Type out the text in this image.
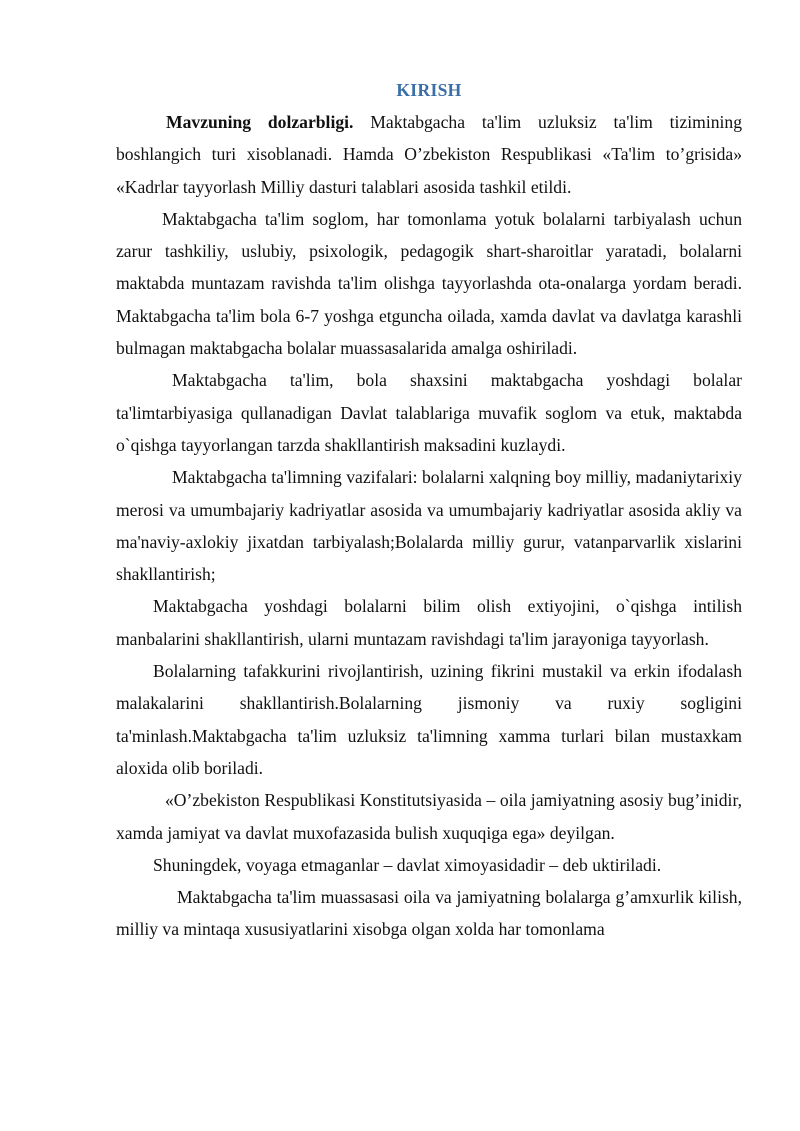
KIRISH

Mavzuning dolzarbligi. Maktabgacha ta'lim uzluksiz ta'lim tizimining boshlangich turi xisoblanadi. Hamda O’zbekiston Respublikasi «Ta'lim to’grisida» «Kadrlar tayyorlash Milliy dasturi talablari asosida tashkil etildi.

Maktabgacha ta'lim soglom, har tomonlama yotuk bolalarni tarbiyalash uchun zarur tashkiliy, uslubiy, psixologik, pedagogik shart-sharoitlar yaratadi, bolalarni maktabda muntazam ravishda ta'lim olishga tayyorlashda ota-onalarga yordam beradi. Maktabgacha ta'lim bola 6-7 yoshga etguncha oilada, xamda davlat va davlatga karashli bulmagan maktabgacha bolalar muassasalarida amalga oshiriladi.

Maktabgacha ta'lim, bola shaxsini maktabgacha yoshdagi bolalar ta'limtarbiyasiga qullanadigan Davlat talablariga muvafik soglom va etuk, maktabda o`qishga tayyorlangan tarzda shakllantirish maksadini kuzlaydi.

Maktabgacha ta'limning vazifalari: bolalarni xalqning boy milliy, madaniytarixiy merosi va umumbajariy kadriyatlar asosida va umumbajariy kadriyatlar asosida akliy va ma'naviy-axlokiy jixatdan tarbiyalash;Bolalarda milliy gurur, vatanparvarlik xislarini shakllantirish;

Maktabgacha yoshdagi bolalarni bilim olish extiyojini, o`qishga intilish manbalarini shakllantirish, ularni muntazam ravishdagi ta'lim jarayoniga tayyorlash.

Bolalarning tafakkurini rivojlantirish, uzining fikrini mustakil va erkin ifodalash malakalarini shakllantirish.Bolalarning jismoniy va ruxiy sogligini ta'minlash.Maktabgacha ta'lim uzluksiz ta'limning xamma turlari bilan mustaxkam aloxida olib boriladi.

«O’zbekiston Respublikasi Konstitutsiyasida – oila jamiyatning asosiy bug’inidir, xamda jamiyat va davlat muxofazasida bulish xuquqiga ega» deyilgan.

Shuningdek, voyaga etmaganlar – davlat ximoyasidadir – deb uktiriladi.

Maktabgacha ta'lim muassasasi oila va jamiyatning bolalarga g’amxurlik kilish, milliy va mintaqa xususiyatlarini xisobga olgan xolda har tomonlama
